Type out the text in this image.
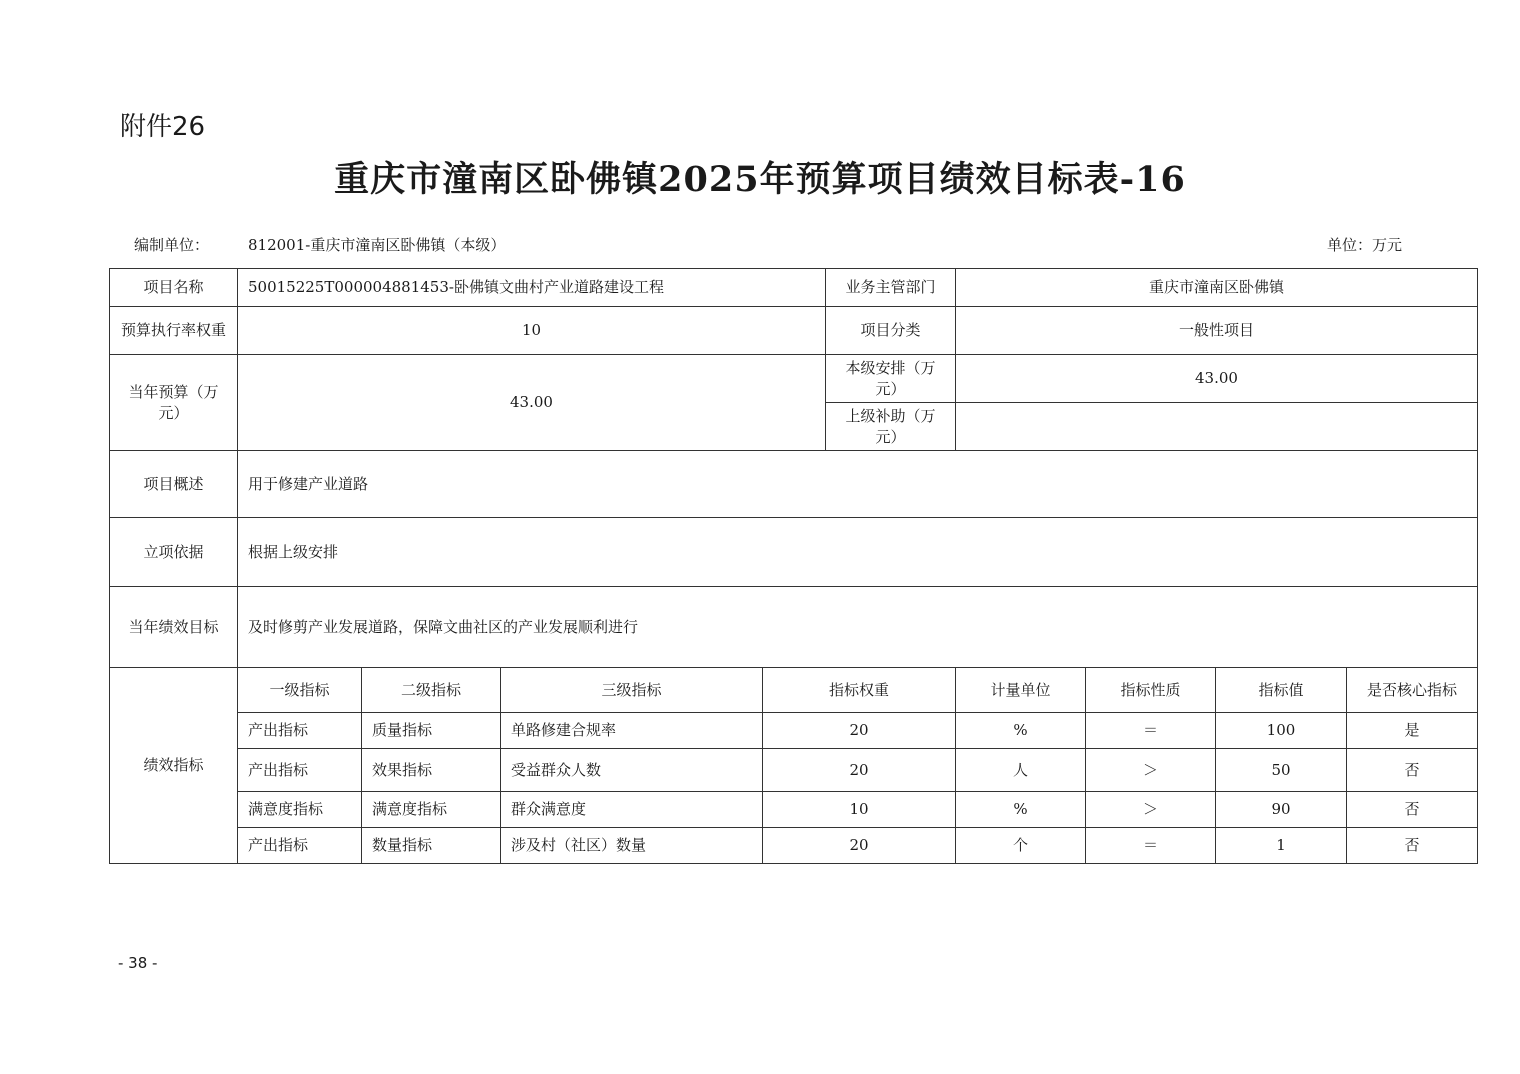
附件26
重庆市潼南区卧佛镇2025年预算项目绩效目标表-16
编制单位：	812001-重庆市潼南区卧佛镇（本级）	单位：万元
项目名称	50015225T000004881453-卧佛镇文曲村产业道路建设工程				业务主管部门	重庆市潼南区卧佛镇			
预算执行率权重	10				项目分类	一般性项目			
当年预算（万元）	43.00				本级安排（万元）	43.00			
					上级补助（万元）				
项目概述	用于修建产业道路								
立项依据	根据上级安排								
当年绩效目标	及时修剪产业发展道路，保障文曲社区的产业发展顺利进行								
绩效指标	一级指标	二级指标	三级指标	指标权重		计量单位	指标性质	指标值	是否核心指标
	产出指标	质量指标	单路修建合规率	20		%	＝	100	是
	产出指标	效果指标	受益群众人数	20		人	＞	50	否
	满意度指标	满意度指标	群众满意度	10		%	＞	90	否
	产出指标	数量指标	涉及村（社区）数量	20		个	＝	1	否
- 38 -
